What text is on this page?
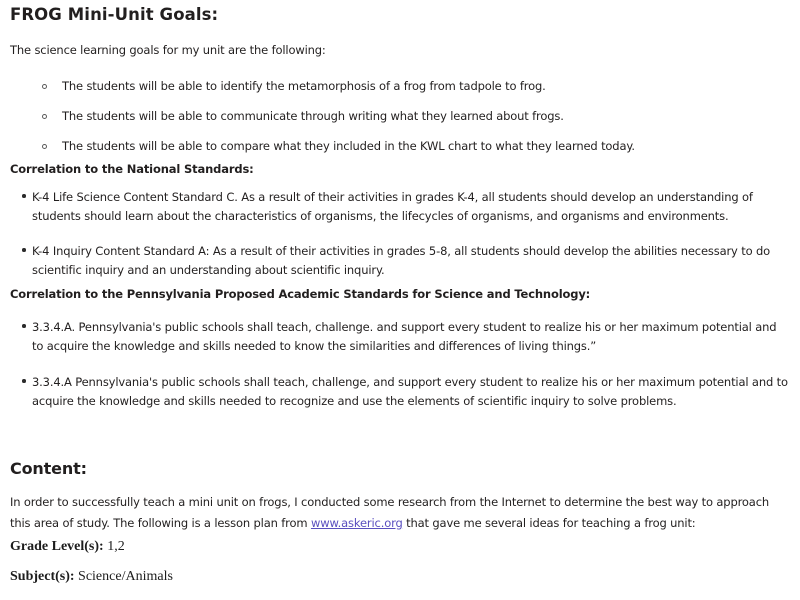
FROG Mini-Unit Goals:
The science learning goals for my unit are the following:
The students will be able to identify the metamorphosis of a frog from tadpole to frog.
The students will be able to communicate through writing what they learned about frogs.
The students will be able to compare what they included in the KWL chart to what they learned today.
Correlation to the National Standards:

K-4 Life Science Content Standard C. As a result of their activities in grades K-4, all students should develop an understanding of students should learn about the characteristics of organisms, the lifecycles of organisms, and organisms and environments.

K-4 Inquiry Content Standard A: As a result of their activities in grades 5-8, all students should develop the abilities necessary to do scientific inquiry and an understanding about scientific inquiry.

Correlation to the Pennsylvania Proposed Academic Standards for Science and Technology:

3.3.4.A. Pennsylvania's public schools shall teach, challenge. and support every student to realize his or her maximum potential and to acquire the knowledge and skills needed to know the similarities and differences of living things.”

3.3.4.A Pennsylvania's public schools shall teach, challenge, and support every student to realize his or her maximum potential and to acquire the knowledge and skills needed to recognize and use the elements of scientific inquiry to solve problems.

Content:

In order to successfully teach a mini unit on frogs, I conducted some research from the Internet to determine the best way to approach this area of study. The following is a lesson plan from www.askeric.org that gave me several ideas for teaching a frog unit:

Grade Level(s): 1,2
Subject(s): Science/Animals
